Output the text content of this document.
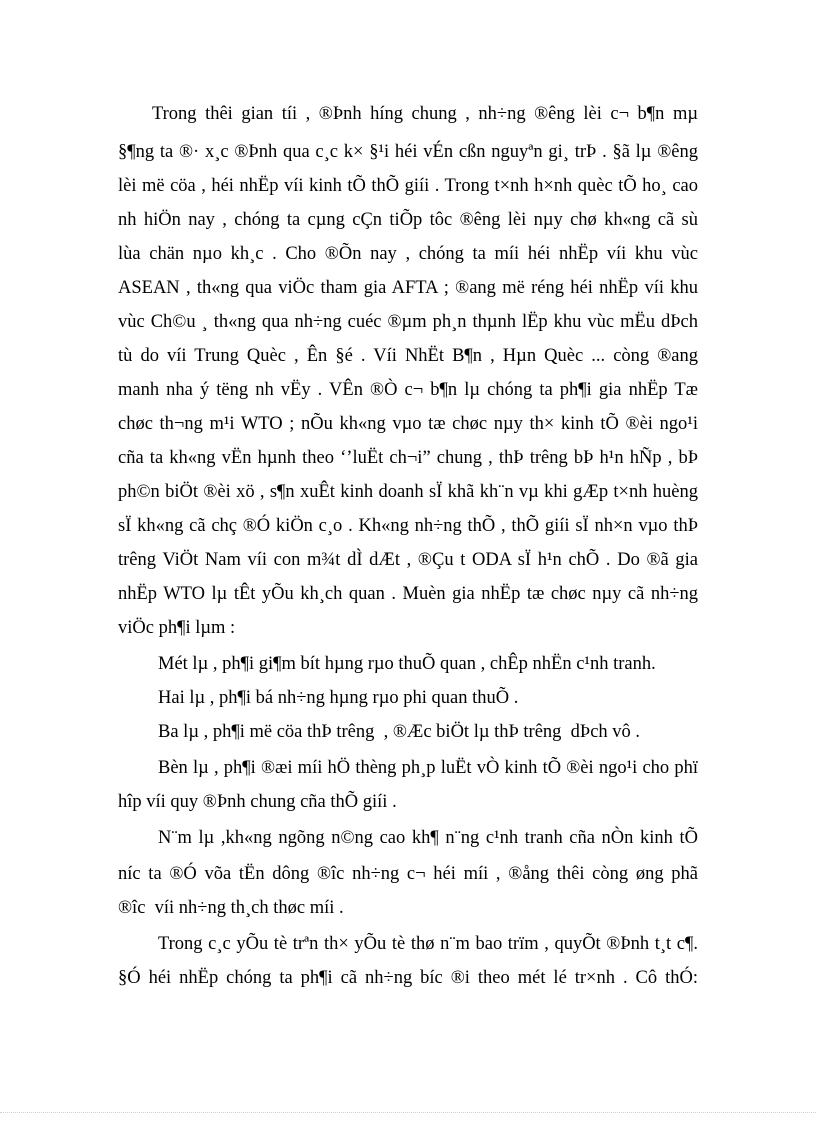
Trong thêi gian tíi , ®Þnh híng chung , nh÷ng ®êng lèi c¬ b¶n mµ
§¶ng ta ®· x¸c ®Þnh qua c¸c k× §¹i héi vÉn cßn nguyªn gi¸ trÞ . §ã lµ ®êng
lèi më cöa , héi nhËp víi kinh tÕ thÕ giíi . Trong t×nh h×nh quèc tÕ ho¸ cao
nh hiÖn nay , chóng ta cµng cÇn tiÕp tôc ®êng lèi nµy chø kh«ng cã sù
lùa chän nµo kh¸c . Cho ®Õn nay , chóng ta míi héi nhËp víi khu vùc
ASEAN , th«ng qua viÖc tham gia AFTA ; ®ang më réng héi nhËp víi khu
vùc Ch©u ¸ th«ng qua nh÷ng cuéc ®µm ph¸n thµnh lËp khu vùc mËu dÞch
tù do víi Trung Quèc , Ên §é . Víi NhËt B¶n , Hµn Quèc ... còng ®ang
manh nha ý tëng nh vËy . VÊn ®Ò c¬ b¶n lµ chóng ta ph¶i gia nhËp Tæ
chøc th¬ng m¹i WTO ; nÕu kh«ng vµo tæ chøc nµy th× kinh tÕ ®èi ngo¹i
cña ta kh«ng vËn hµnh theo ‘’luËt ch¬i” chung , thÞ trêng bÞ h¹n hÑp , bÞ
ph©n biÖt ®èi xö , s¶n xuÊt kinh doanh sÏ khã kh¨n vµ khi gÆp t×nh huèng
sÏ kh«ng cã chç ®Ó kiÖn c¸o . Kh«ng nh÷ng thÕ , thÕ giíi sÏ nh×n vµo thÞ
trêng ViÖt Nam víi con m¾t dÌ dÆt , ®Çu t ODA sÏ h¹n chÕ . Do ®ã gia
nhËp WTO lµ tÊt yÕu kh¸ch quan . Muèn gia nhËp tæ chøc nµy cã nh÷ng
viÖc ph¶i lµm :
Mét lµ , ph¶i gi¶m bít hµng rµo thuÕ quan , chÊp nhËn c¹nh tranh.
Hai lµ , ph¶i bá nh÷ng hµng rµo phi quan thuÕ .
Ba lµ , ph¶i më cöa thÞ trêng  , ®Æc biÖt lµ thÞ trêng  dÞch vô .
Bèn lµ , ph¶i ®æi míi hÖ thèng ph¸p luËt vÒ kinh tÕ ®èi ngo¹i cho phï
hîp víi quy ®Þnh chung cña thÕ giíi .
N¨m lµ ,kh«ng ngõng n©ng cao kh¶ n¨ng c¹nh tranh cña nÒn kinh tÕ
níc ta ®Ó võa tËn dông ®îc nh÷ng c¬ héi míi , ®ång thêi còng øng phã
®îc  víi nh÷ng th¸ch thøc míi .
Trong c¸c yÕu tè trªn th× yÕu tè thø n¨m bao trïm , quyÕt ®Þnh t¸t c¶.
§Ó héi nhËp chóng ta ph¶i cã nh÷ng bíc ®i theo mét lé tr×nh . Cô thÓ:
